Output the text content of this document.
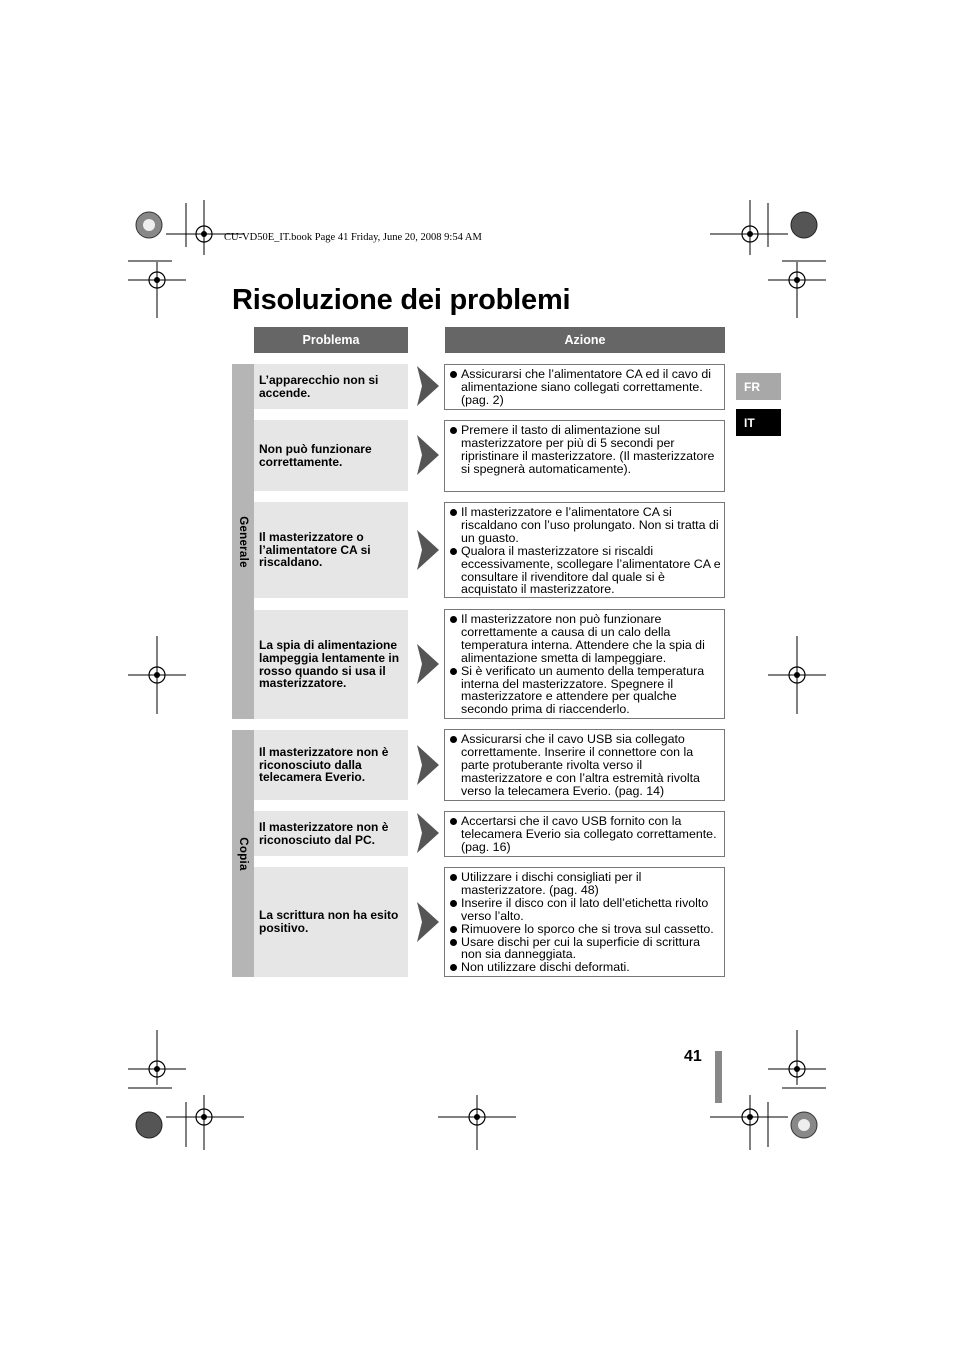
CU-VD50E_IT.book Page 41 Friday, June 20, 2008 9:54 AM
Risoluzione dei problemi
Problema	Azione
Generale
Copia
L’apparecchio non si accende.
Assicurarsi che l’alimentatore CA ed il cavo di alimentazione siano collegati correttamente. (pag. 2)
Non può funzionare correttamente.
Premere il tasto di alimentazione sul masterizzatore per più di 5 secondi per ripristinare il masterizzatore. (Il masterizzatore si spegnerà automaticamente).
Il masterizzatore o l’alimentatore CA si riscaldano.
Il masterizzatore e l’alimentatore CA si riscaldano con l’uso prolungato. Non si tratta di un guasto.
Qualora il masterizzatore si riscaldi eccessivamente, scollegare l’alimentatore CA e consultare il rivenditore dal quale si è acquistato il masterizzatore.
La spia di alimentazione lampeggia lentamente in rosso quando si usa il masterizzatore.
Il masterizzatore non può funzionare correttamente a causa di un calo della temperatura interna. Attendere che la spia di alimentazione smetta di lampeggiare.
Si è verificato un aumento della temperatura interna del masterizzatore. Spegnere il masterizzatore e attendere per qualche secondo prima di riaccenderlo.
Il masterizzatore non è riconosciuto dalla telecamera Everio.
Assicurarsi che il cavo USB sia collegato correttamente. Inserire il connettore con la parte protuberante rivolta verso il masterizzatore e con l’altra estremità rivolta verso la telecamera Everio. (pag. 14)
Il masterizzatore non è riconosciuto dal PC.
Accertarsi che il cavo USB fornito con la telecamera Everio sia collegato correttamente. (pag. 16)
La scrittura non ha esito positivo.
Utilizzare i dischi consigliati per il masterizzatore. (pag. 48)
Inserire il disco con il lato dell’etichetta rivolto verso l’alto.
Rimuovere lo sporco che si trova sul cassetto.
Usare dischi per cui la superficie di scrittura non sia danneggiata.
Non utilizzare dischi deformati.
FR
IT
41
